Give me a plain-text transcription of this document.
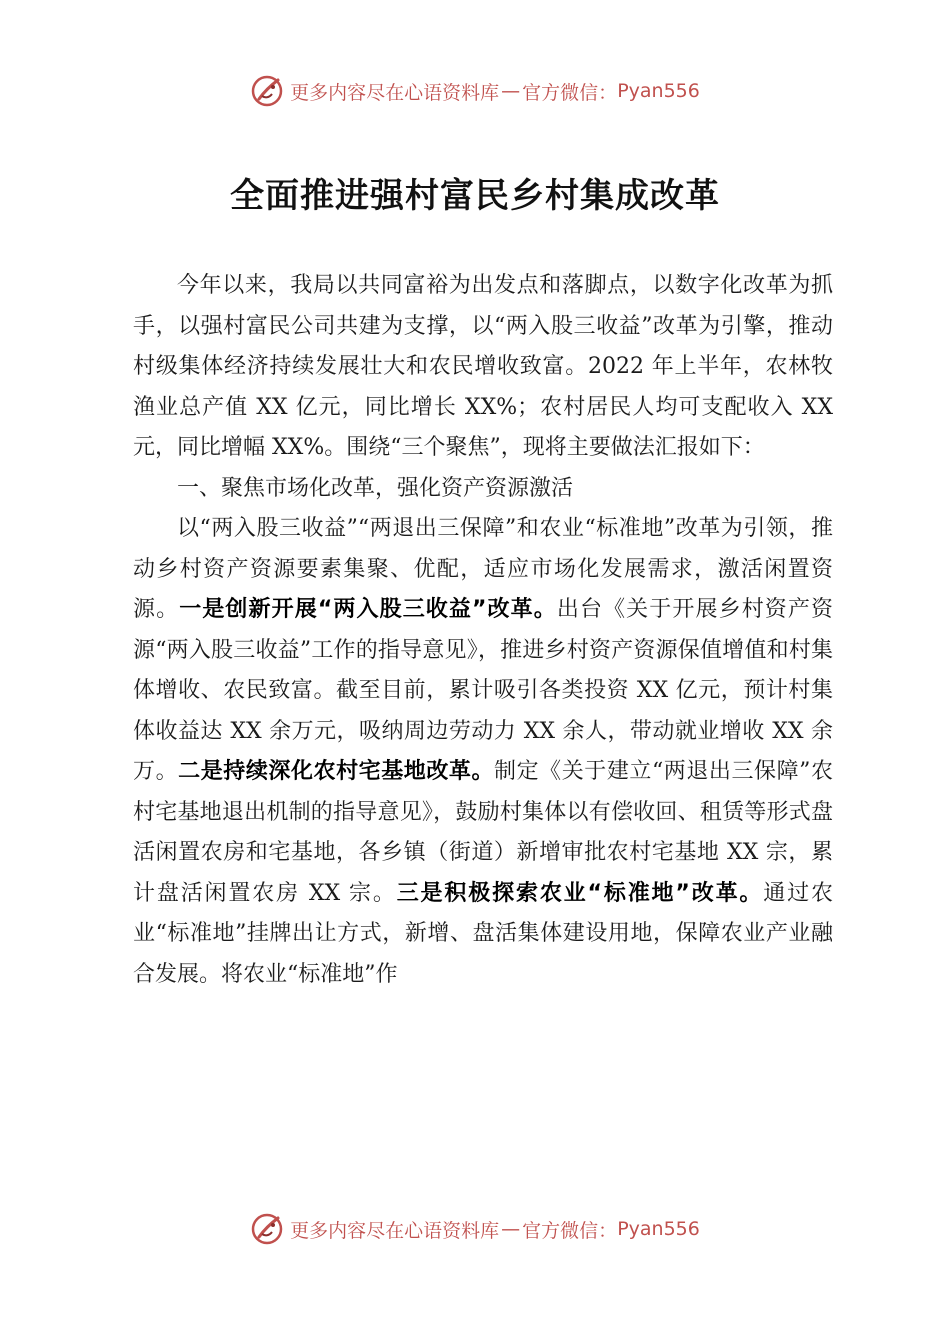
更多内容尽在心语资料库 — 官方微信： Pyan556
全面推进强村富民乡村集成改革

今年以来，我局以共同富裕为出发点和落脚点，以数字化改革为抓手，以强村富民公司共建为支撑，以“两入股三收益”改革为引擎，推动村级集体经济持续发展壮大和农民增收致富。2022 年上半年，农林牧渔业总产值 XX 亿元，同比增长 XX%；农村居民人均可支配收入 XX 元，同比增幅 XX%。围绕“三个聚焦”，现将主要做法汇报如下：

一、聚焦市场化改革，强化资产资源激活

以“两入股三收益”“两退出三保障”和农业“标准地”改革为引领，推动乡村资产资源要素集聚、优配，适应市场化发展需求，激活闲置资源。一是创新开展“两入股三收益”改革。出台《关于开展乡村资产资源“两入股三收益”工作的指导意见》，推进乡村资产资源保值增值和村集体增收、农民致富。截至目前，累计吸引各类投资 XX 亿元，预计村集体收益达 XX 余万元，吸纳周边劳动力 XX 余人，带动就业增收 XX 余万。二是持续深化农村宅基地改革。制定《关于建立“两退出三保障”农村宅基地退出机制的指导意见》，鼓励村集体以有偿收回、租赁等形式盘活闲置农房和宅基地，各乡镇（街道）新增审批农村宅基地 XX 宗，累计盘活闲置农房 XX 宗。三是积极探索农业“标准地”改革。通过农业“标准地”挂牌出让方式，新增、盘活集体建设用地，保障农业产业融合发展。将农业“标准地”作

更多内容尽在心语资料库 — 官方微信： Pyan556
